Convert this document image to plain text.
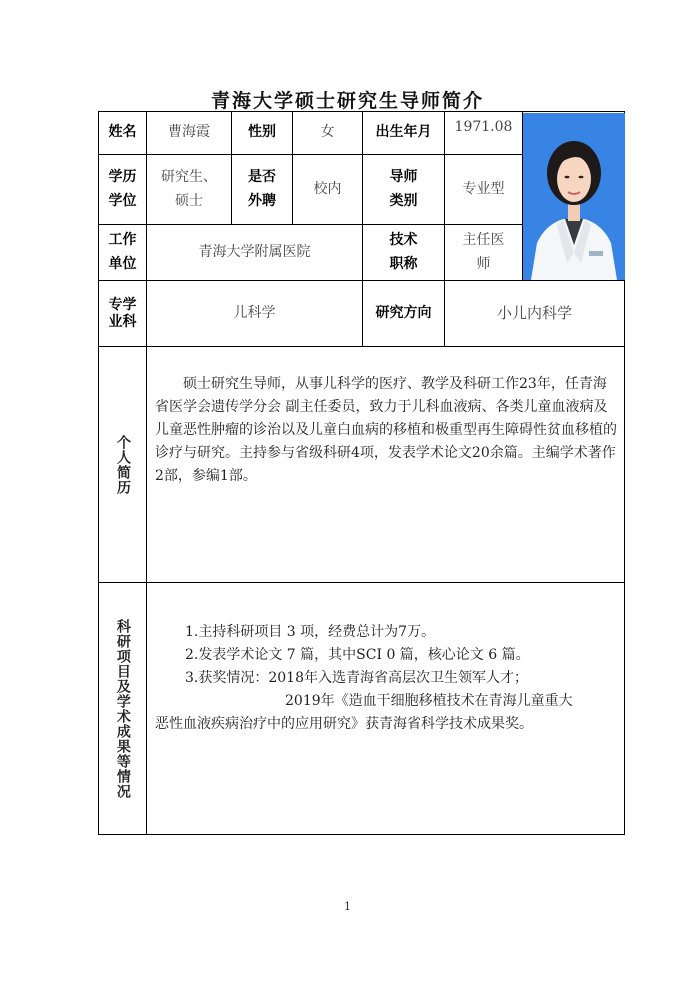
青海大学硕士研究生导师简介
姓名	曹海霞	性别	女	出生年月	1971.08	

学历学位	研究生、硕士	是否外聘	校内	导师类别	专业型	

工作单位	青海大学附属医院			技术职称	主任医师	

专学业科	儿科学			研究方向	小儿内科学	

个人简历	硕士研究生导师，从事儿科学的医疗、教学及科研工作23年，任青海省医学会遗传学分会 副主任委员，致力于儿科血液病、各类儿童血液病及儿童恶性肿瘤的诊治以及儿童白血病的移植和极重型再生障碍性贫血移植的诊疗与研究。主持参与省级科研4项，发表学术论文20余篇。主编学术著作2部，参编1部。					

科研项目及学术成果等情况	1.主持科研项目 3 项，经费总计为7万。

2.发表学术论文 7 篇，其中SCI 0 篇，核心论文 6 篇。

3.获奖情况：2018年入选青海省高层次卫生领军人才；

2019年《造血干细胞移植技术在青海儿童重大

恶性血液疾病治疗中的应用研究》获青海省科学技术成果奖。					

1
